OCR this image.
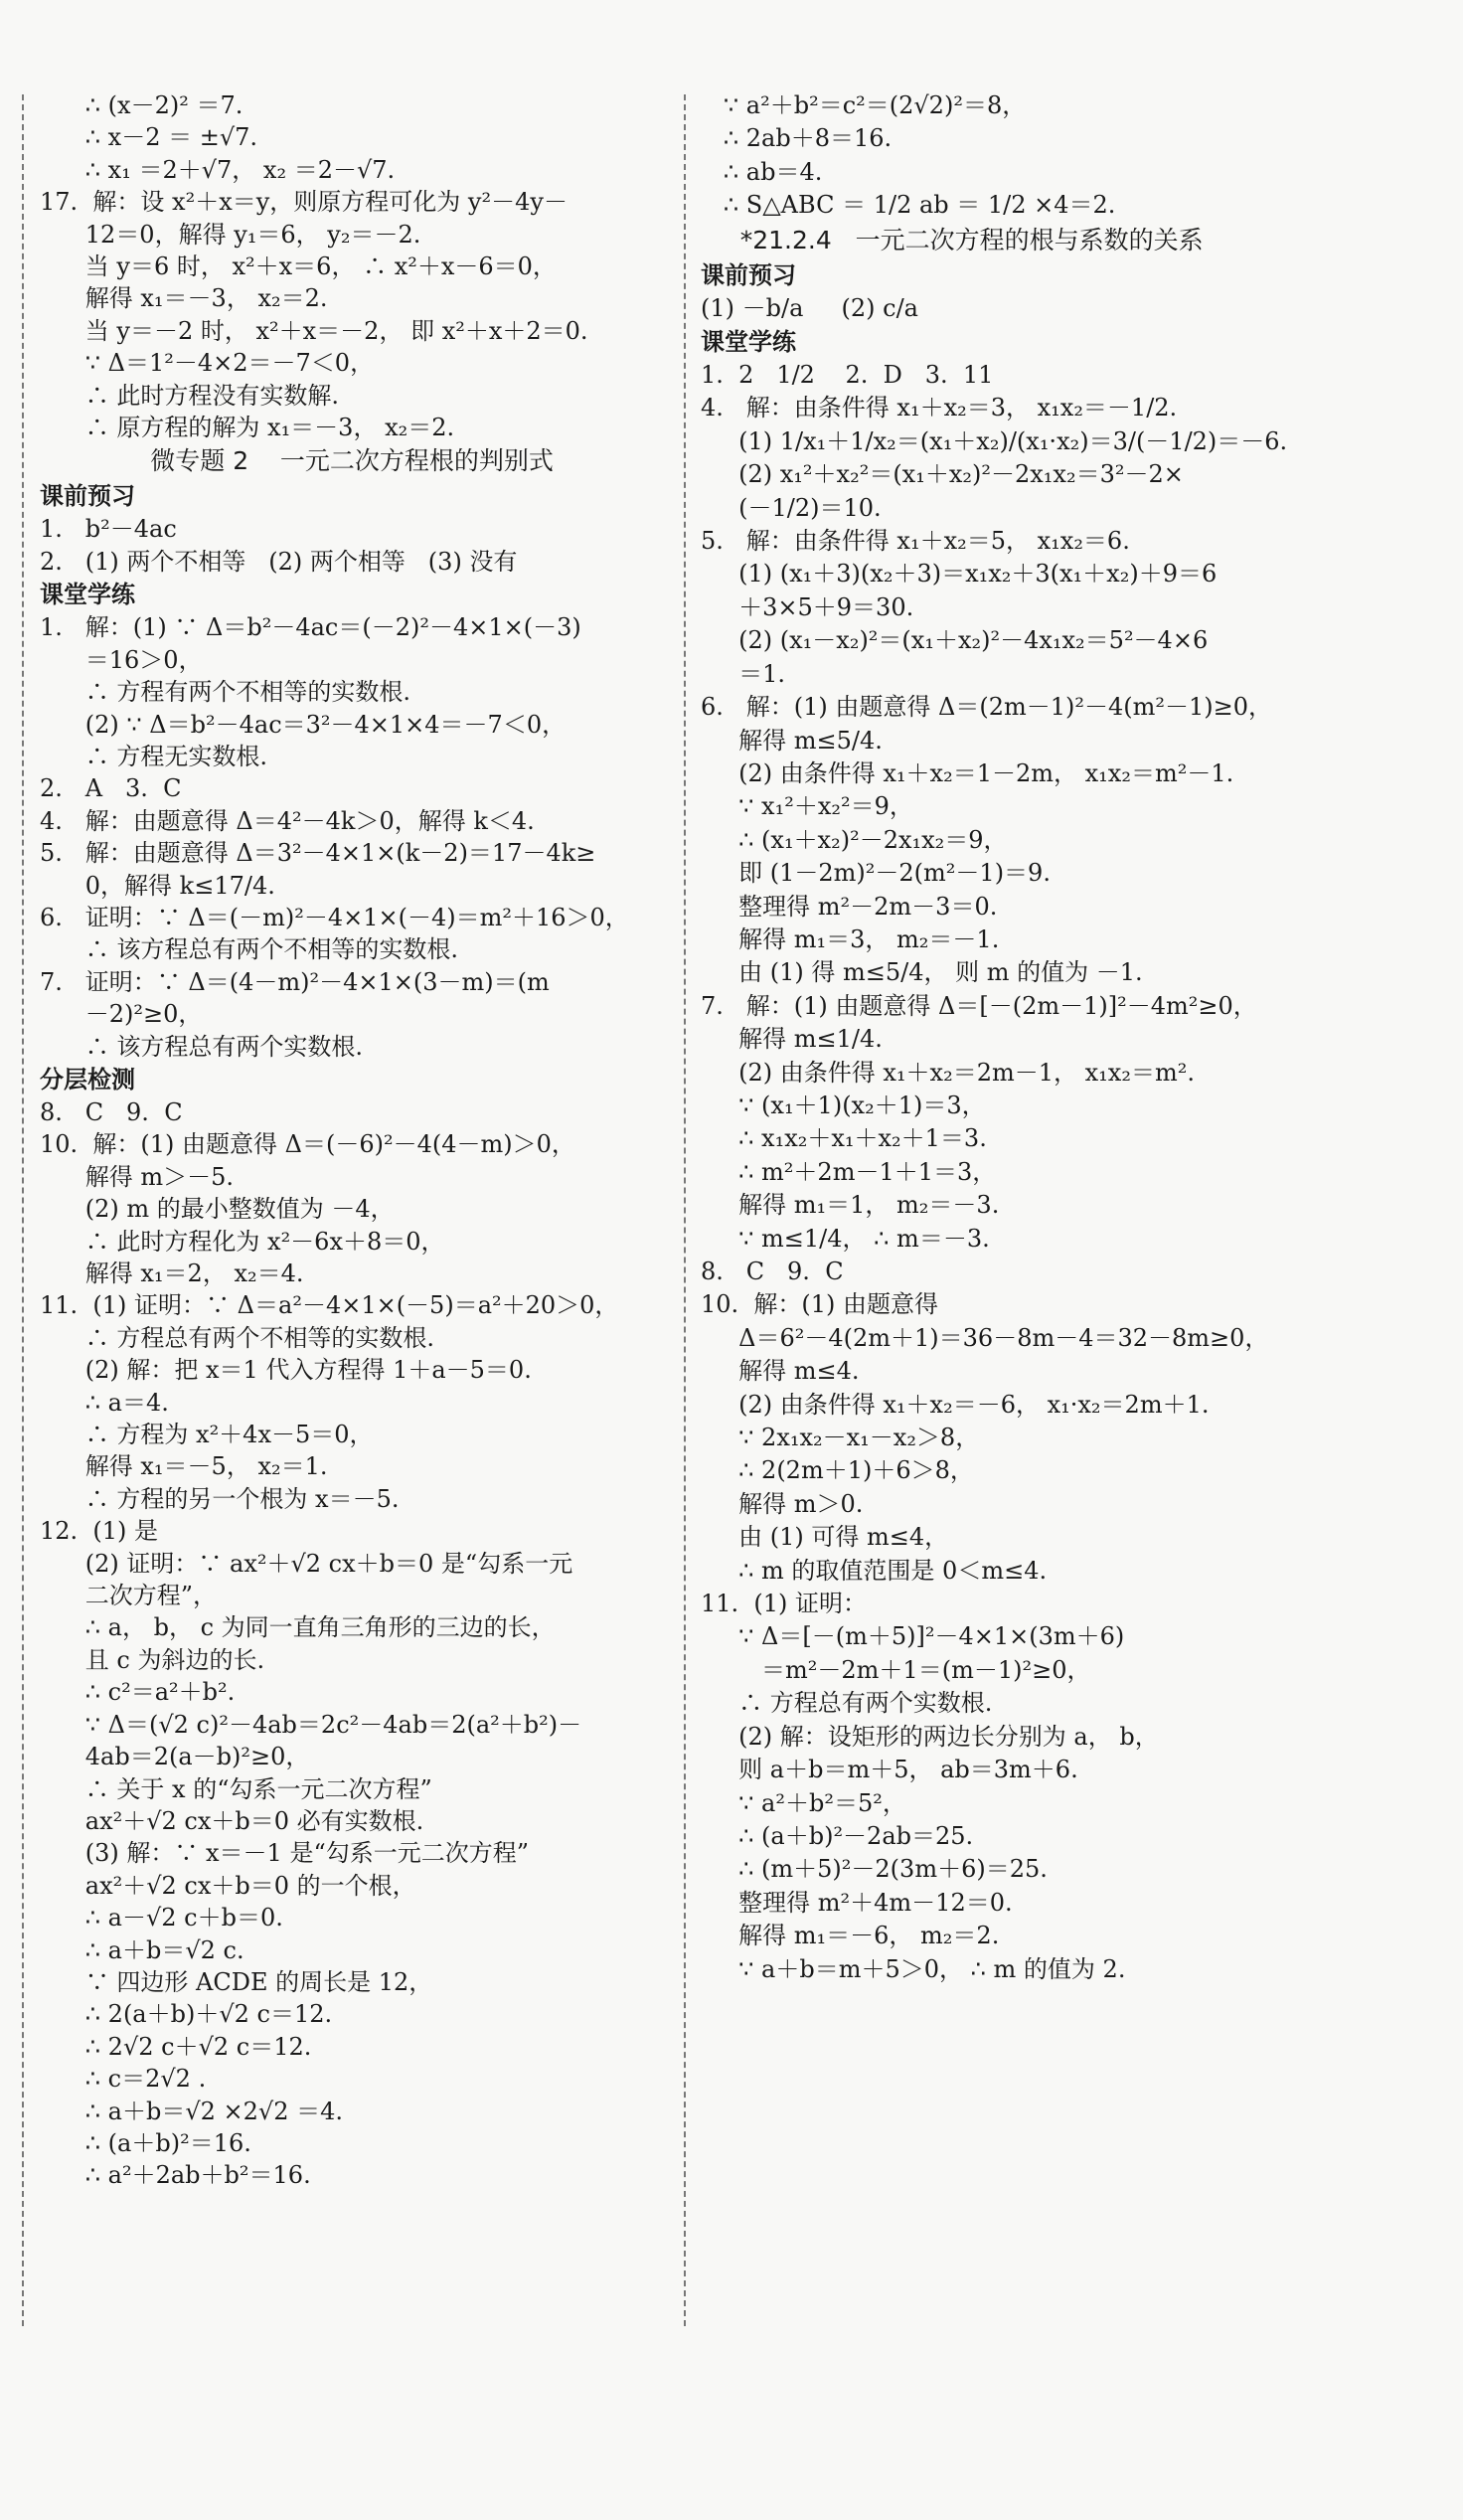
∴ (x－2)² ＝7.
∴ x－2 ＝ ±√7.
∴ x₁ ＝2＋√7， x₂ ＝2－√7.
17.  解：设 x²＋x＝y，则原方程可化为 y²－4y－
12＝0，解得 y₁＝6， y₂＝－2.
当 y＝6 时， x²＋x＝6， ∴ x²＋x－6＝0，
解得 x₁＝－3， x₂＝2.
当 y＝－2 时， x²＋x＝－2， 即 x²＋x＋2＝0.
∵ Δ＝1²－4×2＝－7＜0，
∴ 此时方程没有实数解.
∴ 原方程的解为 x₁＝－3， x₂＝2.
微专题 2    一元二次方程根的判别式
课前预习
1.   b²－4ac
2.   (1) 两个不相等   (2) 两个相等   (3) 没有
课堂学练
1.   解：(1) ∵ Δ＝b²－4ac＝(－2)²－4×1×(－3)
＝16＞0，
∴ 方程有两个不相等的实数根.
(2) ∵ Δ＝b²－4ac＝3²－4×1×4＝－7＜0，
∴ 方程无实数根.
2.   A   3.  C
4.   解：由题意得 Δ＝4²－4k＞0，解得 k＜4.
5.   解：由题意得 Δ＝3²－4×1×(k－2)＝17－4k≥
0，解得 k≤17/4.
6.   证明：∵ Δ＝(－m)²－4×1×(－4)＝m²＋16＞0，
∴ 该方程总有两个不相等的实数根.
7.   证明：∵ Δ＝(4－m)²－4×1×(3－m)＝(m
－2)²≥0，
∴ 该方程总有两个实数根.
分层检测
8.   C   9.  C
10.  解：(1) 由题意得 Δ＝(－6)²－4(4－m)＞0，
解得 m＞－5.
(2) m 的最小整数值为 －4，
∴ 此时方程化为 x²－6x＋8＝0，
解得 x₁＝2， x₂＝4.
11.  (1) 证明：∵ Δ＝a²－4×1×(－5)＝a²＋20＞0，
∴ 方程总有两个不相等的实数根.
(2) 解：把 x＝1 代入方程得 1＋a－5＝0.
∴ a＝4.
∴ 方程为 x²＋4x－5＝0，
解得 x₁＝－5， x₂＝1.
∴ 方程的另一个根为 x＝－5.
12.  (1) 是
(2) 证明：∵ ax²＋√2 cx＋b＝0 是“勾系一元
二次方程”，
∴ a， b， c 为同一直角三角形的三边的长，
且 c 为斜边的长.
∴ c²＝a²＋b².
∵ Δ＝(√2 c)²－4ab＝2c²－4ab＝2(a²＋b²)－
4ab＝2(a－b)²≥0，
∴ 关于 x 的“勾系一元二次方程”
ax²＋√2 cx＋b＝0 必有实数根.
(3) 解：∵ x＝－1 是“勾系一元二次方程”
ax²＋√2 cx＋b＝0 的一个根，
∴ a－√2 c＋b＝0.
∴ a＋b＝√2 c.
∵ 四边形 ACDE 的周长是 12，
∴ 2(a＋b)＋√2 c＝12.
∴ 2√2 c＋√2 c＝12.
∴ c＝2√2 .
∴ a＋b＝√2 ×2√2 ＝4.
∴ (a＋b)²＝16.
∴ a²＋2ab＋b²＝16.
∵ a²＋b²＝c²＝(2√2)²＝8，
∴ 2ab＋8＝16.
∴ ab＝4.
∴ S△ABC ＝ 1/2 ab ＝ 1/2 ×4＝2.
*21.2.4   一元二次方程的根与系数的关系
课前预习
(1) －b/a     (2) c/a
课堂学练
1.  2   1/2    2.  D   3.  11
4.   解：由条件得 x₁＋x₂＝3， x₁x₂＝－1/2.
(1) 1/x₁＋1/x₂＝(x₁＋x₂)/(x₁·x₂)＝3/(－1/2)＝－6.
(2) x₁²＋x₂²＝(x₁＋x₂)²－2x₁x₂＝3²－2×
(－1/2)＝10.
5.   解：由条件得 x₁＋x₂＝5， x₁x₂＝6.
(1) (x₁＋3)(x₂＋3)＝x₁x₂＋3(x₁＋x₂)＋9＝6
＋3×5＋9＝30.
(2) (x₁－x₂)²＝(x₁＋x₂)²－4x₁x₂＝5²－4×6
＝1.
6.   解：(1) 由题意得 Δ＝(2m－1)²－4(m²－1)≥0，
解得 m≤5/4.
(2) 由条件得 x₁＋x₂＝1－2m， x₁x₂＝m²－1.
∵ x₁²＋x₂²＝9，
∴ (x₁＋x₂)²－2x₁x₂＝9，
即 (1－2m)²－2(m²－1)＝9.
整理得 m²－2m－3＝0.
解得 m₁＝3， m₂＝－1.
由 (1) 得 m≤5/4， 则 m 的值为 －1.
7.   解：(1) 由题意得 Δ＝[－(2m－1)]²－4m²≥0，
解得 m≤1/4.
(2) 由条件得 x₁＋x₂＝2m－1， x₁x₂＝m².
∵ (x₁＋1)(x₂＋1)＝3，
∴ x₁x₂＋x₁＋x₂＋1＝3.
∴ m²＋2m－1＋1＝3，
解得 m₁＝1， m₂＝－3.
∵ m≤1/4， ∴ m＝－3.
8.   C   9.  C
10.  解：(1) 由题意得
Δ＝6²－4(2m＋1)＝36－8m－4＝32－8m≥0，
解得 m≤4.
(2) 由条件得 x₁＋x₂＝－6， x₁·x₂＝2m＋1.
∵ 2x₁x₂－x₁－x₂＞8，
∴ 2(2m＋1)＋6＞8，
解得 m＞0.
由 (1) 可得 m≤4，
∴ m 的取值范围是 0＜m≤4.
11.  (1) 证明：
∵ Δ＝[－(m＋5)]²－4×1×(3m＋6)
＝m²－2m＋1＝(m－1)²≥0，
∴ 方程总有两个实数根.
(2) 解：设矩形的两边长分别为 a， b，
则 a＋b＝m＋5， ab＝3m＋6.
∵ a²＋b²＝5²，
∴ (a＋b)²－2ab＝25.
∴ (m＋5)²－2(3m＋6)＝25.
整理得 m²＋4m－12＝0.
解得 m₁＝－6， m₂＝2.
∵ a＋b＝m＋5＞0， ∴ m 的值为 2.
